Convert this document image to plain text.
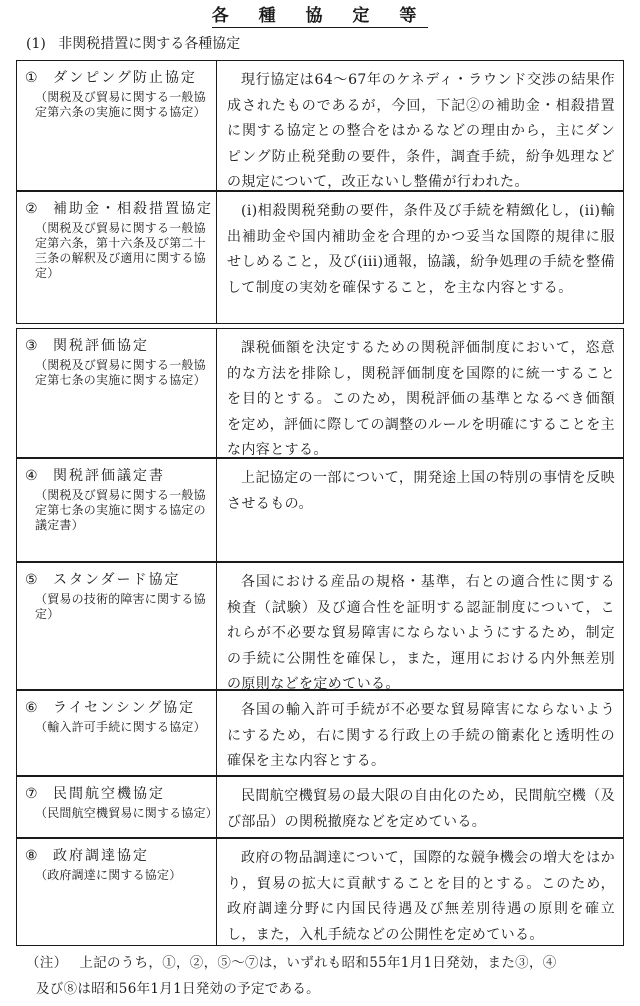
各 種 協 定 等
(1) 非関税措置に関する各種協定
① ダンピング防止協定
（関税及び貿易に関する一般協定第六条の実施に関する協定）
現行協定は64～67年のケネディ・ラウンド交渉の結果作成されたものであるが，今回，下記②の補助金・相殺措置に関する協定との整合をはかるなどの理由から，主にダンピング防止税発動の要件，条件，調査手続，紛争処理などの規定について，改正ないし整備が行われた。
② 補助金・相殺措置協定
（関税及び貿易に関する一般協定第六条，第十六条及び第二十三条の解釈及び適用に関する協定）
(i)相殺関税発動の要件，条件及び手続を精緻化し，(ii)輸出補助金や国内補助金を合理的かつ妥当な国際的規律に服せしめること，及び(iii)通報，協議，紛争処理の手続を整備して制度の実効を確保すること，を主な内容とする。
③ 関税評価協定
（関税及び貿易に関する一般協定第七条の実施に関する協定）
課税価額を決定するための関税評価制度において，恣意的な方法を排除し，関税評価制度を国際的に統一することを目的とする。このため，関税評価の基準となるべき価額を定め，評価に際しての調整のルールを明確にすることを主な内容とする。
④ 関税評価議定書
（関税及び貿易に関する一般協定第七条の実施に関する協定の議定書）
上記協定の一部について，開発途上国の特別の事情を反映させるもの。
⑤ スタンダード協定
（貿易の技術的障害に関する協定）
各国における産品の規格・基準，右との適合性に関する検査（試験）及び適合性を証明する認証制度について，これらが不必要な貿易障害にならないようにするため，制定の手続に公開性を確保し，また，運用における内外無差別の原則などを定めている。
⑥ ライセンシング協定
（輸入許可手続に関する協定）
各国の輸入許可手続が不必要な貿易障害にならないようにするため，右に関する行政上の手続の簡素化と透明性の確保を主な内容とする。
⑦ 民間航空機協定
（民間航空機貿易に関する協定）
民間航空機貿易の最大限の自由化のため，民間航空機（及び部品）の関税撤廃などを定めている。
⑧ 政府調達協定
（政府調達に関する協定）
政府の物品調達について，国際的な競争機会の増大をはかり，貿易の拡大に貢献することを目的とする。このため，政府調達分野に内国民待遇及び無差別待遇の原則を確立し，また，入札手続などの公開性を定めている。
（注） 上記のうち，①，②，⑤～⑦は，いずれも昭和55年1月1日発効，また③，④
及び⑧は昭和56年1月1日発効の予定である。
